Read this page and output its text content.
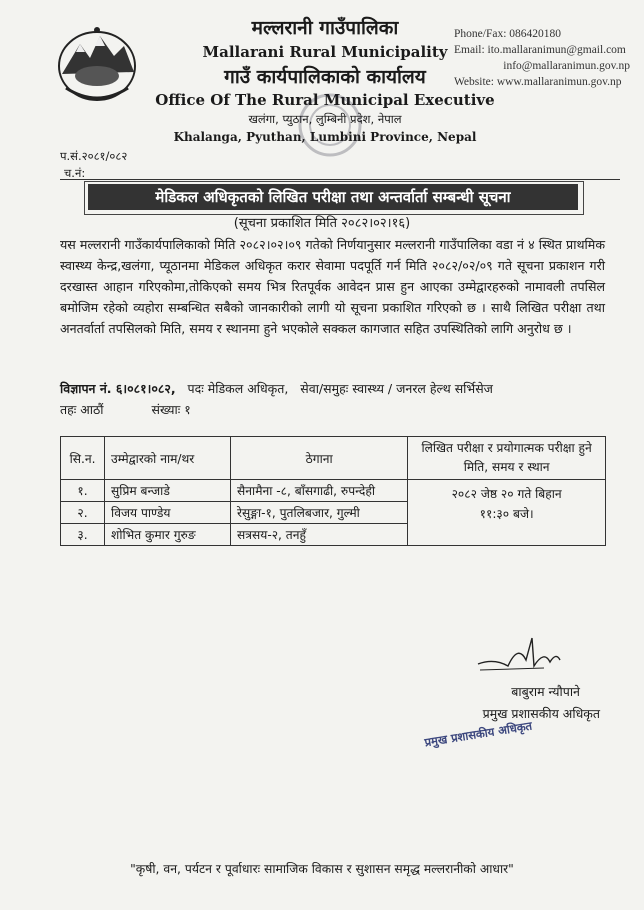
मल्लरानी गाउँपालिका
Mallarani Rural Municipality
गाउँ कार्यपालिकाको कार्यालय
Office Of The Rural Municipal Executive
खलंगा, प्युठान, लुम्बिनी प्रदेश, नेपाल
Khalanga, Pyuthan, Lumbini Province, Nepal
Phone/Fax: 086420180
Email: ito.mallaranimun@gmail.com
info@mallaranimun.gov.np
Website: www.mallaranimun.gov.np
प.सं.२०८१/०८२
च.नं:
मेडिकल अधिकृतको लिखित परीक्षा तथा अन्तर्वार्ता सम्बन्धी सूचना
(सूचना प्रकाशित मिति २०८२।०२।१६)
यस मल्लरानी गाउँकार्यपालिकाको मिति २०८२।०२।०९ गतेको निर्णयानुसार मल्लरानी गाउँपालिका वडा नं ४ स्थित प्राथमिक स्वास्थ्य केन्द्र,खलंगा, प्यूठानमा मेडिकल अधिकृत करार सेवामा पदपूर्ति गर्न मिति २०८२/०२/०९ गते सूचना प्रकाशन गरी दरखास्त आहान गरिएकोमा,तोकिएको समय भित्र रितपूर्वक आवेदन प्रास हुन आएका उम्मेद्वारहरुको नामावली तपसिल बमोजिम रहेको व्यहोरा सम्बन्धित सबैको जानकारीको लागी यो सूचना प्रकाशित गरिएको छ । साथै लिखित परीक्षा तथा अनतर्वार्ता तपसिलको मिति, समय र स्थानमा हुने भएकोले सक्कल कागजात सहित उपस्थितिको लागि अनुरोध छ ।
विज्ञापन नं. ६।०८१।०८२, पदः मेडिकल अधिकृत, सेवा/समुहः स्वास्थ्य / जनरल हेल्थ सर्भिसेज
तहः आठौं	संख्याः १
सि.न.	उम्मेद्वारको नाम/थर	ठेगाना	लिखित परीक्षा र प्रयोगात्मक परीक्षा हुने मिति, समय र स्थान
१.	सुप्रिम बन्जाडे	सैनामैना -८, बाँसगाढी, रुपन्देही	२०८२ जेष्ठ २० गते बिहान
११:३० बजे।

२.	विजय पाण्डेय	रेसुङ्गा-१, पुतलिबजार, गुल्मी	
३.	शोभित कुमार गुरुङ	सत्रसय-२, तनहुँ	
बाबुराम न्यौपाने
प्रमुख प्रशासकीय अधिकृत
प्रमुख प्रशासकीय अधिकृत
"कृषी, वन, पर्यटन र पूर्वाधारः सामाजिक विकास र सुशासन समृद्ध मल्लरानीको आधार"
